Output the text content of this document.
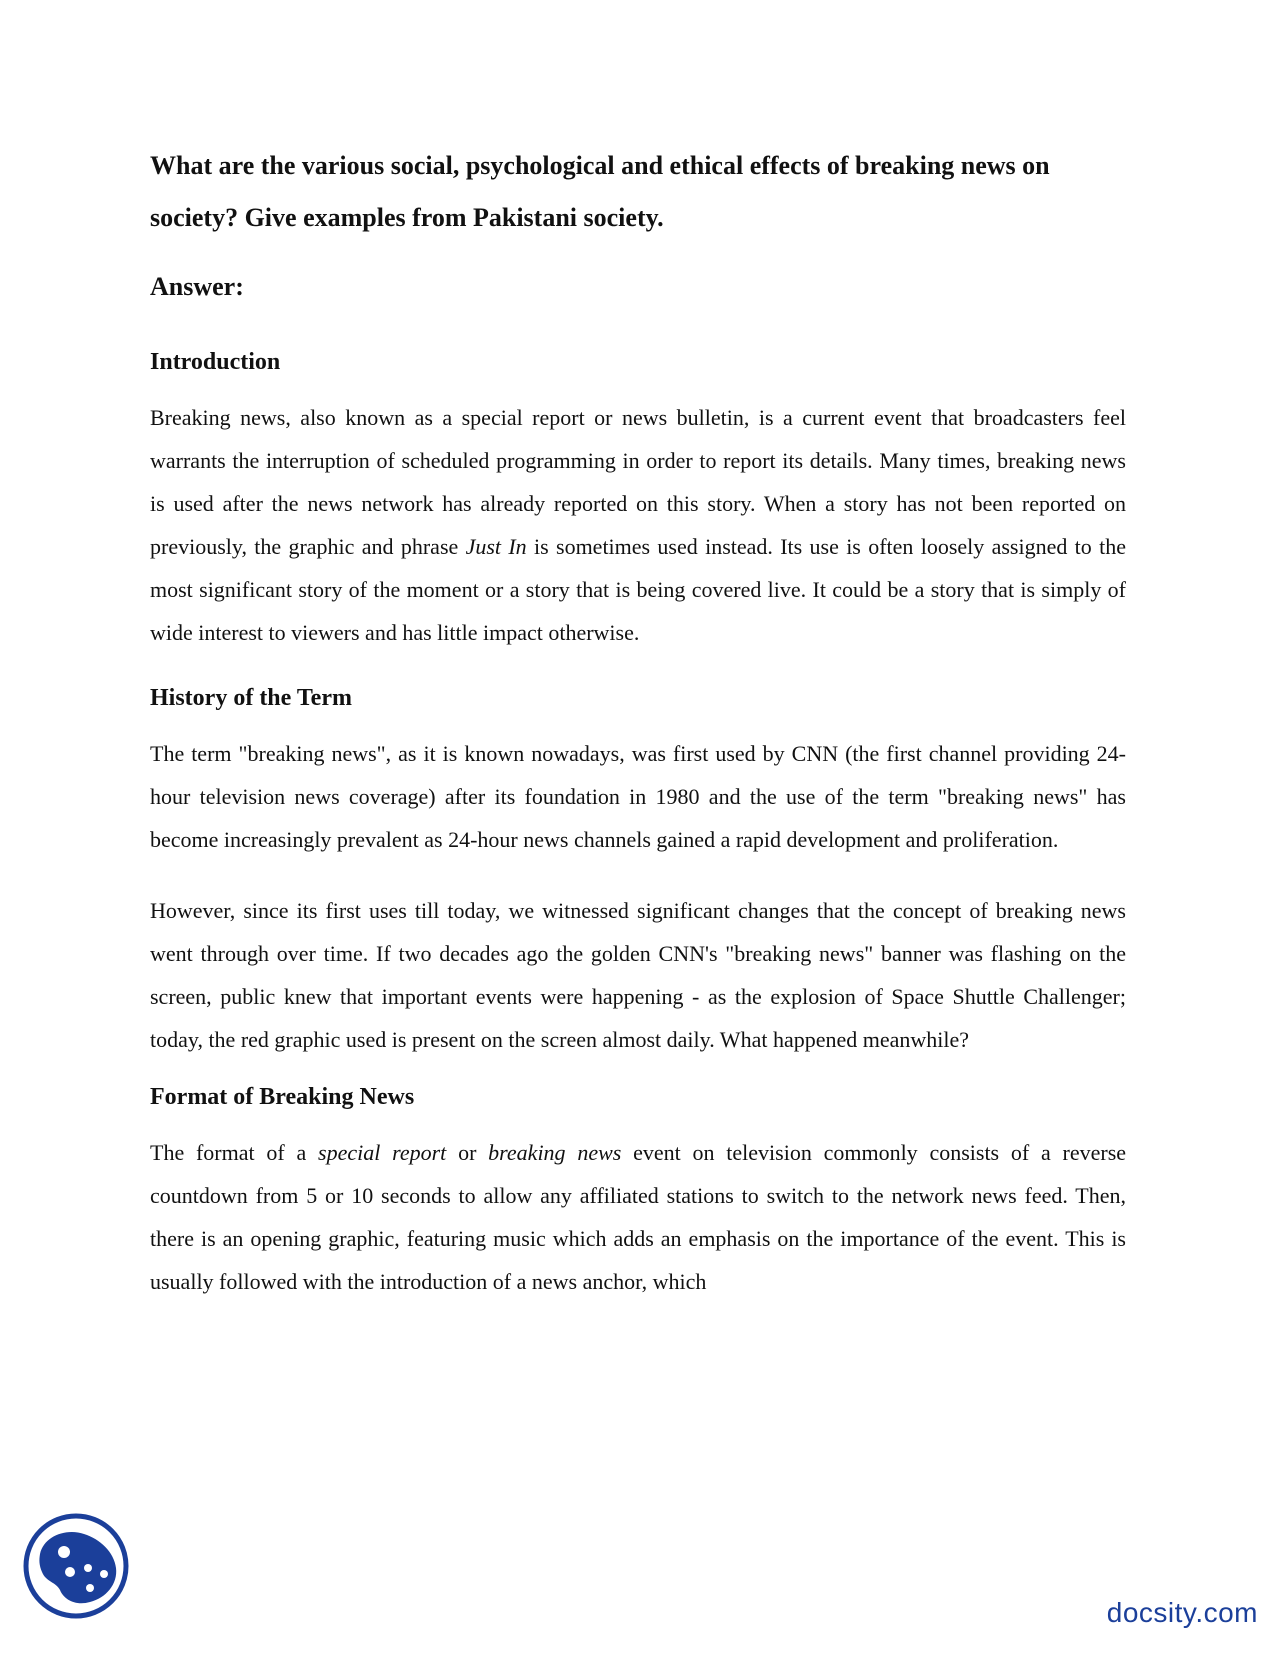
What are the various social, psychological and ethical effects of breaking news on society? Give examples from Pakistani society.
Answer:
Introduction

Breaking news, also known as a special report or news bulletin, is a current event that broadcasters feel warrants the interruption of scheduled programming in order to report its details. Many times, breaking news is used after the news network has already reported on this story. When a story has not been reported on previously, the graphic and phrase Just In is sometimes used instead. Its use is often loosely assigned to the most significant story of the moment or a story that is being covered live. It could be a story that is simply of wide interest to viewers and has little impact otherwise.

History of the Term

The term "breaking news", as it is known nowadays, was first used by CNN (the first channel providing 24-hour television news coverage) after its foundation in 1980 and the use of the term "breaking news" has become increasingly prevalent as 24-hour news channels gained a rapid development and proliferation.

However, since its first uses till today, we witnessed significant changes that the concept of breaking news went through over time. If two decades ago the golden CNN's "breaking news" banner was flashing on the screen, public knew that important events were happening - as the explosion of Space Shuttle Challenger; today, the red graphic used is present on the screen almost daily. What happened meanwhile?

Format of Breaking News

The format of a special report or breaking news event on television commonly consists of a reverse countdown from 5 or 10 seconds to allow any affiliated stations to switch to the network news feed. Then, there is an opening graphic, featuring music which adds an emphasis on the importance of the event. This is usually followed with the introduction of a news anchor, which

docsity.com
